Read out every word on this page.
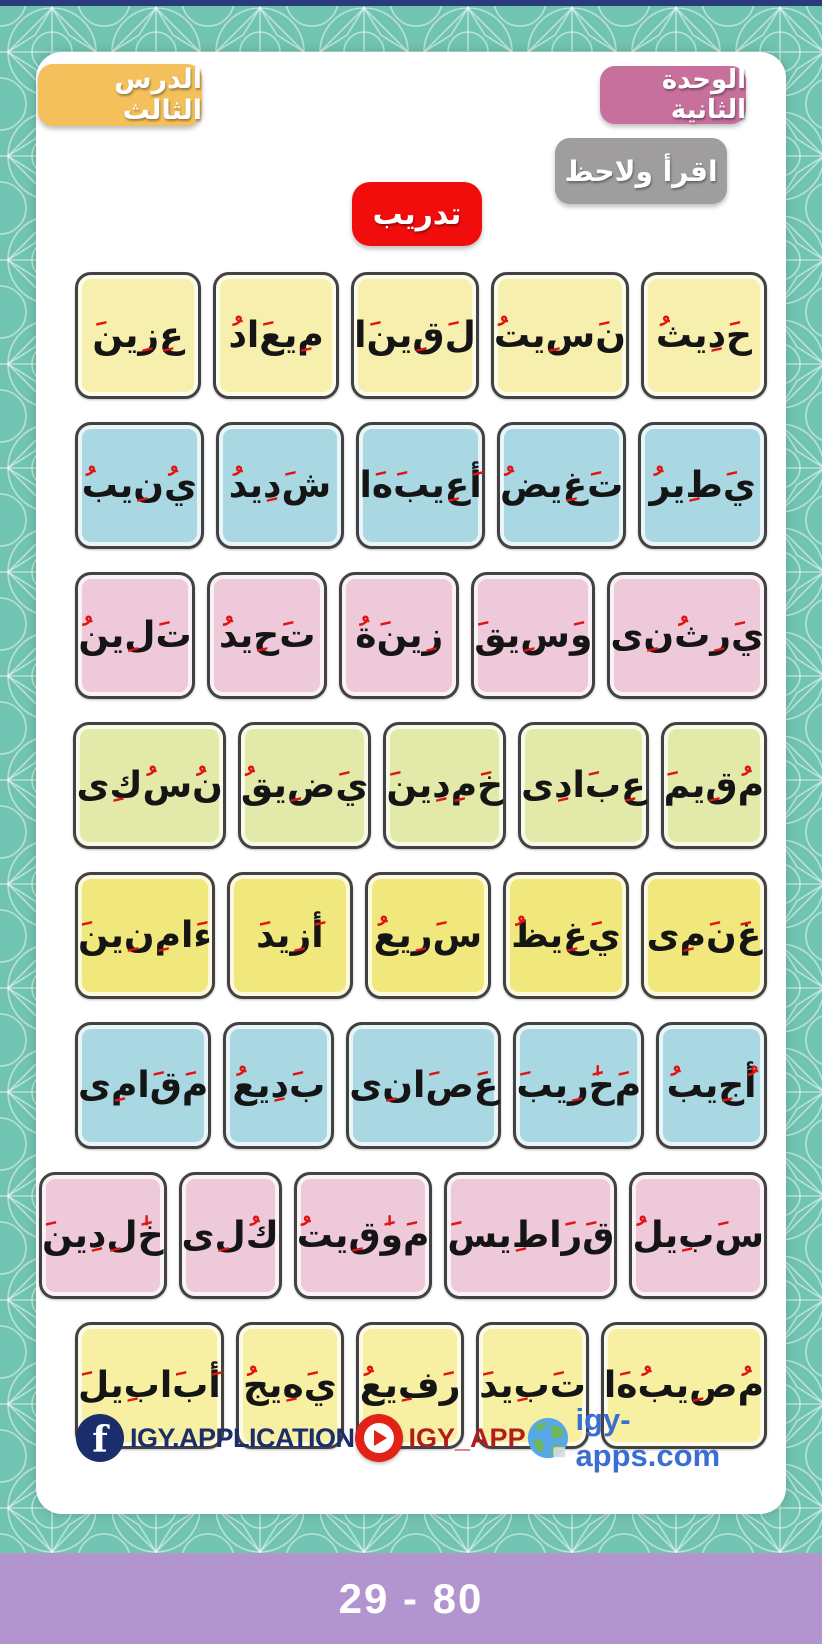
الدرس الثالث
الوحدة الثانية
اقرأ ولاحظ
تدريب
ح
د
يث
ن
س
يت
ل
ق
ين
ا
م
يع
اد
ع
ز
ين
ي
ط
ير
ت
غ
يض
أ
ع
يب
ه
ا
ش
د
يد
ي
ن
يب
ي
ر
ث
ن
ى
و
س
يق
ز
ين
ة
ت
ح
يد
ت
ل
ين
م
ق
يم
ع
ب
اد
ى
خ
م
د
ين
ي
ض
يق
ن
س
ك
ى
غ
ن
م
ى
ي
غ
يظ
س
ر
يع
أ
ز
يد
ء
ام
ن
ين
أ
ج
يب
م
ح
ر
يب
ع
ص
ان
ى
ب
د
يع
م
ق
ام
ى
س
ب
يل
ق
ر
اط
يس
م
و
ق
يت
ك
ل
ى
خ
ل
د
ين
م
ص
يب
ه
ا
ت
ب
يد
ر
ف
يع
ي
ه
يج
أ
ب
اب
يل
f IGY.APPLICATION IGY_APP
igy-apps.com
29 - 80
